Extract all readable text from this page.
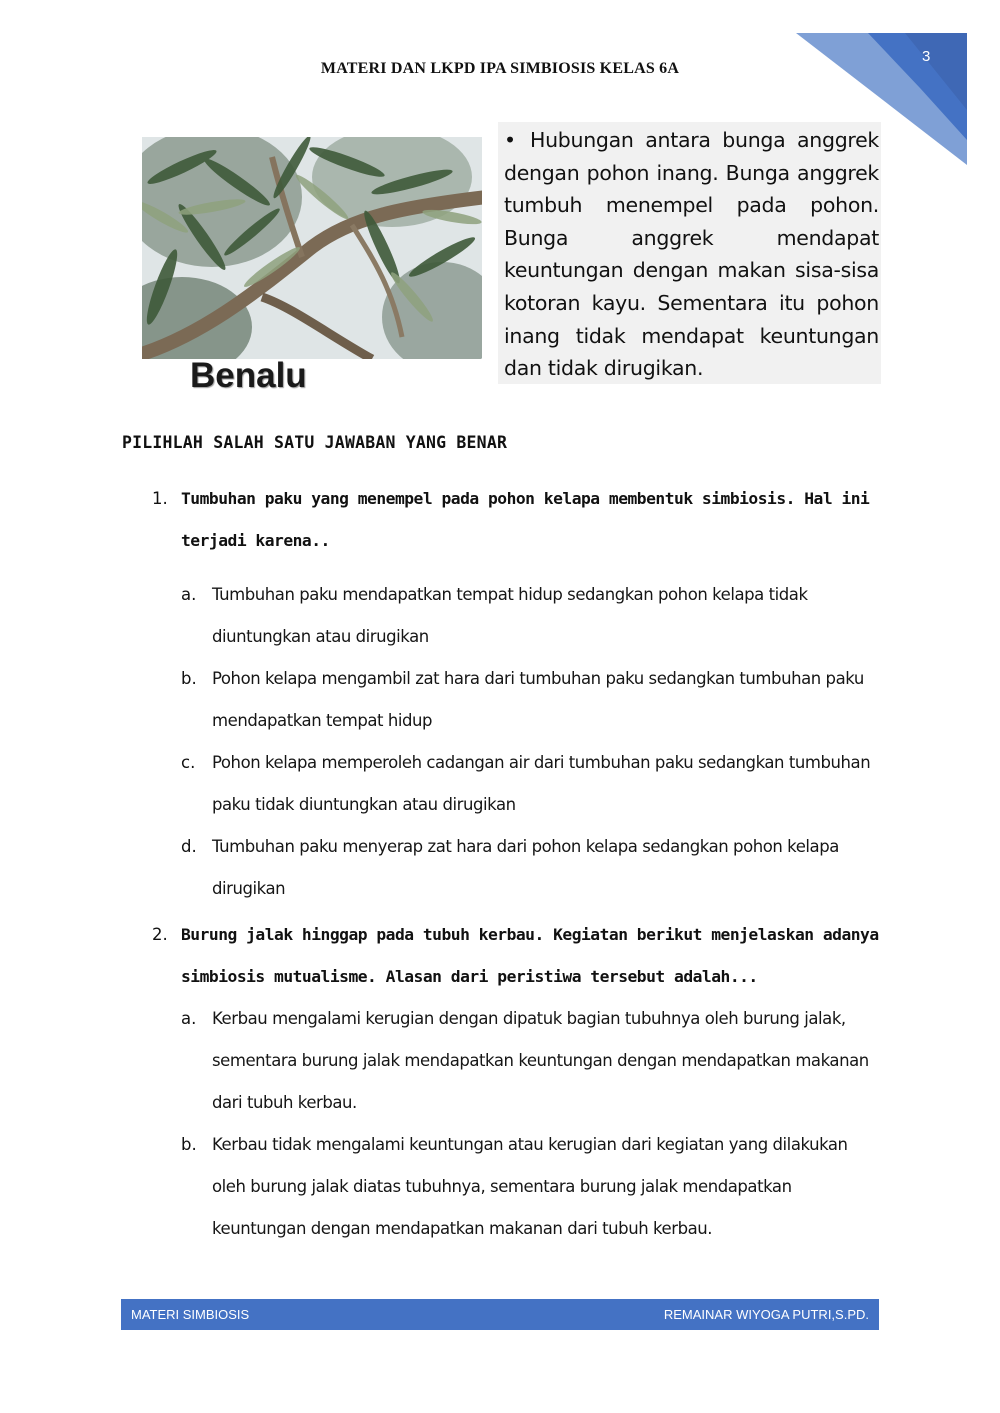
3
MATERI DAN LKPD IPA SIMBIOSIS KELAS 6A
Benalu

• Hubungan antara bunga anggrek dengan pohon inang. Bunga anggrek tumbuh menempel pada pohon. Bunga anggrek mendapat keuntungan dengan makan sisa-sisa kotoran kayu. Sementara itu pohon inang tidak mendapat keuntungan dan tidak dirugikan.

PILIHLAH SALAH SATU JAWABAN YANG BENAR
1. Tumbuhan paku yang menempel pada pohon kelapa membentuk simbiosis. Hal ini terjadi karena..
a. Tumbuhan paku mendapatkan tempat hidup sedangkan pohon kelapa tidak diuntungkan atau dirugikan
b. Pohon kelapa mengambil zat hara dari tumbuhan paku sedangkan tumbuhan paku mendapatkan tempat hidup
c. Pohon kelapa memperoleh cadangan air dari tumbuhan paku sedangkan tumbuhan paku tidak diuntungkan atau dirugikan
d. Tumbuhan paku menyerap zat hara dari pohon kelapa sedangkan pohon kelapa dirugikan
2. Burung jalak hinggap pada tubuh kerbau. Kegiatan berikut menjelaskan adanya simbiosis mutualisme. Alasan dari peristiwa tersebut adalah...
a. Kerbau mengalami kerugian dengan dipatuk bagian tubuhnya oleh burung jalak, sementara burung jalak mendapatkan keuntungan dengan mendapatkan makanan dari tubuh kerbau.
b. Kerbau tidak mengalami keuntungan atau kerugian dari kegiatan yang dilakukan oleh burung jalak diatas tubuhnya, sementara burung jalak mendapatkan keuntungan dengan mendapatkan makanan dari tubuh kerbau.
MATERI SIMBIOSIS	REMAINAR WIYOGA PUTRI,S.PD.
